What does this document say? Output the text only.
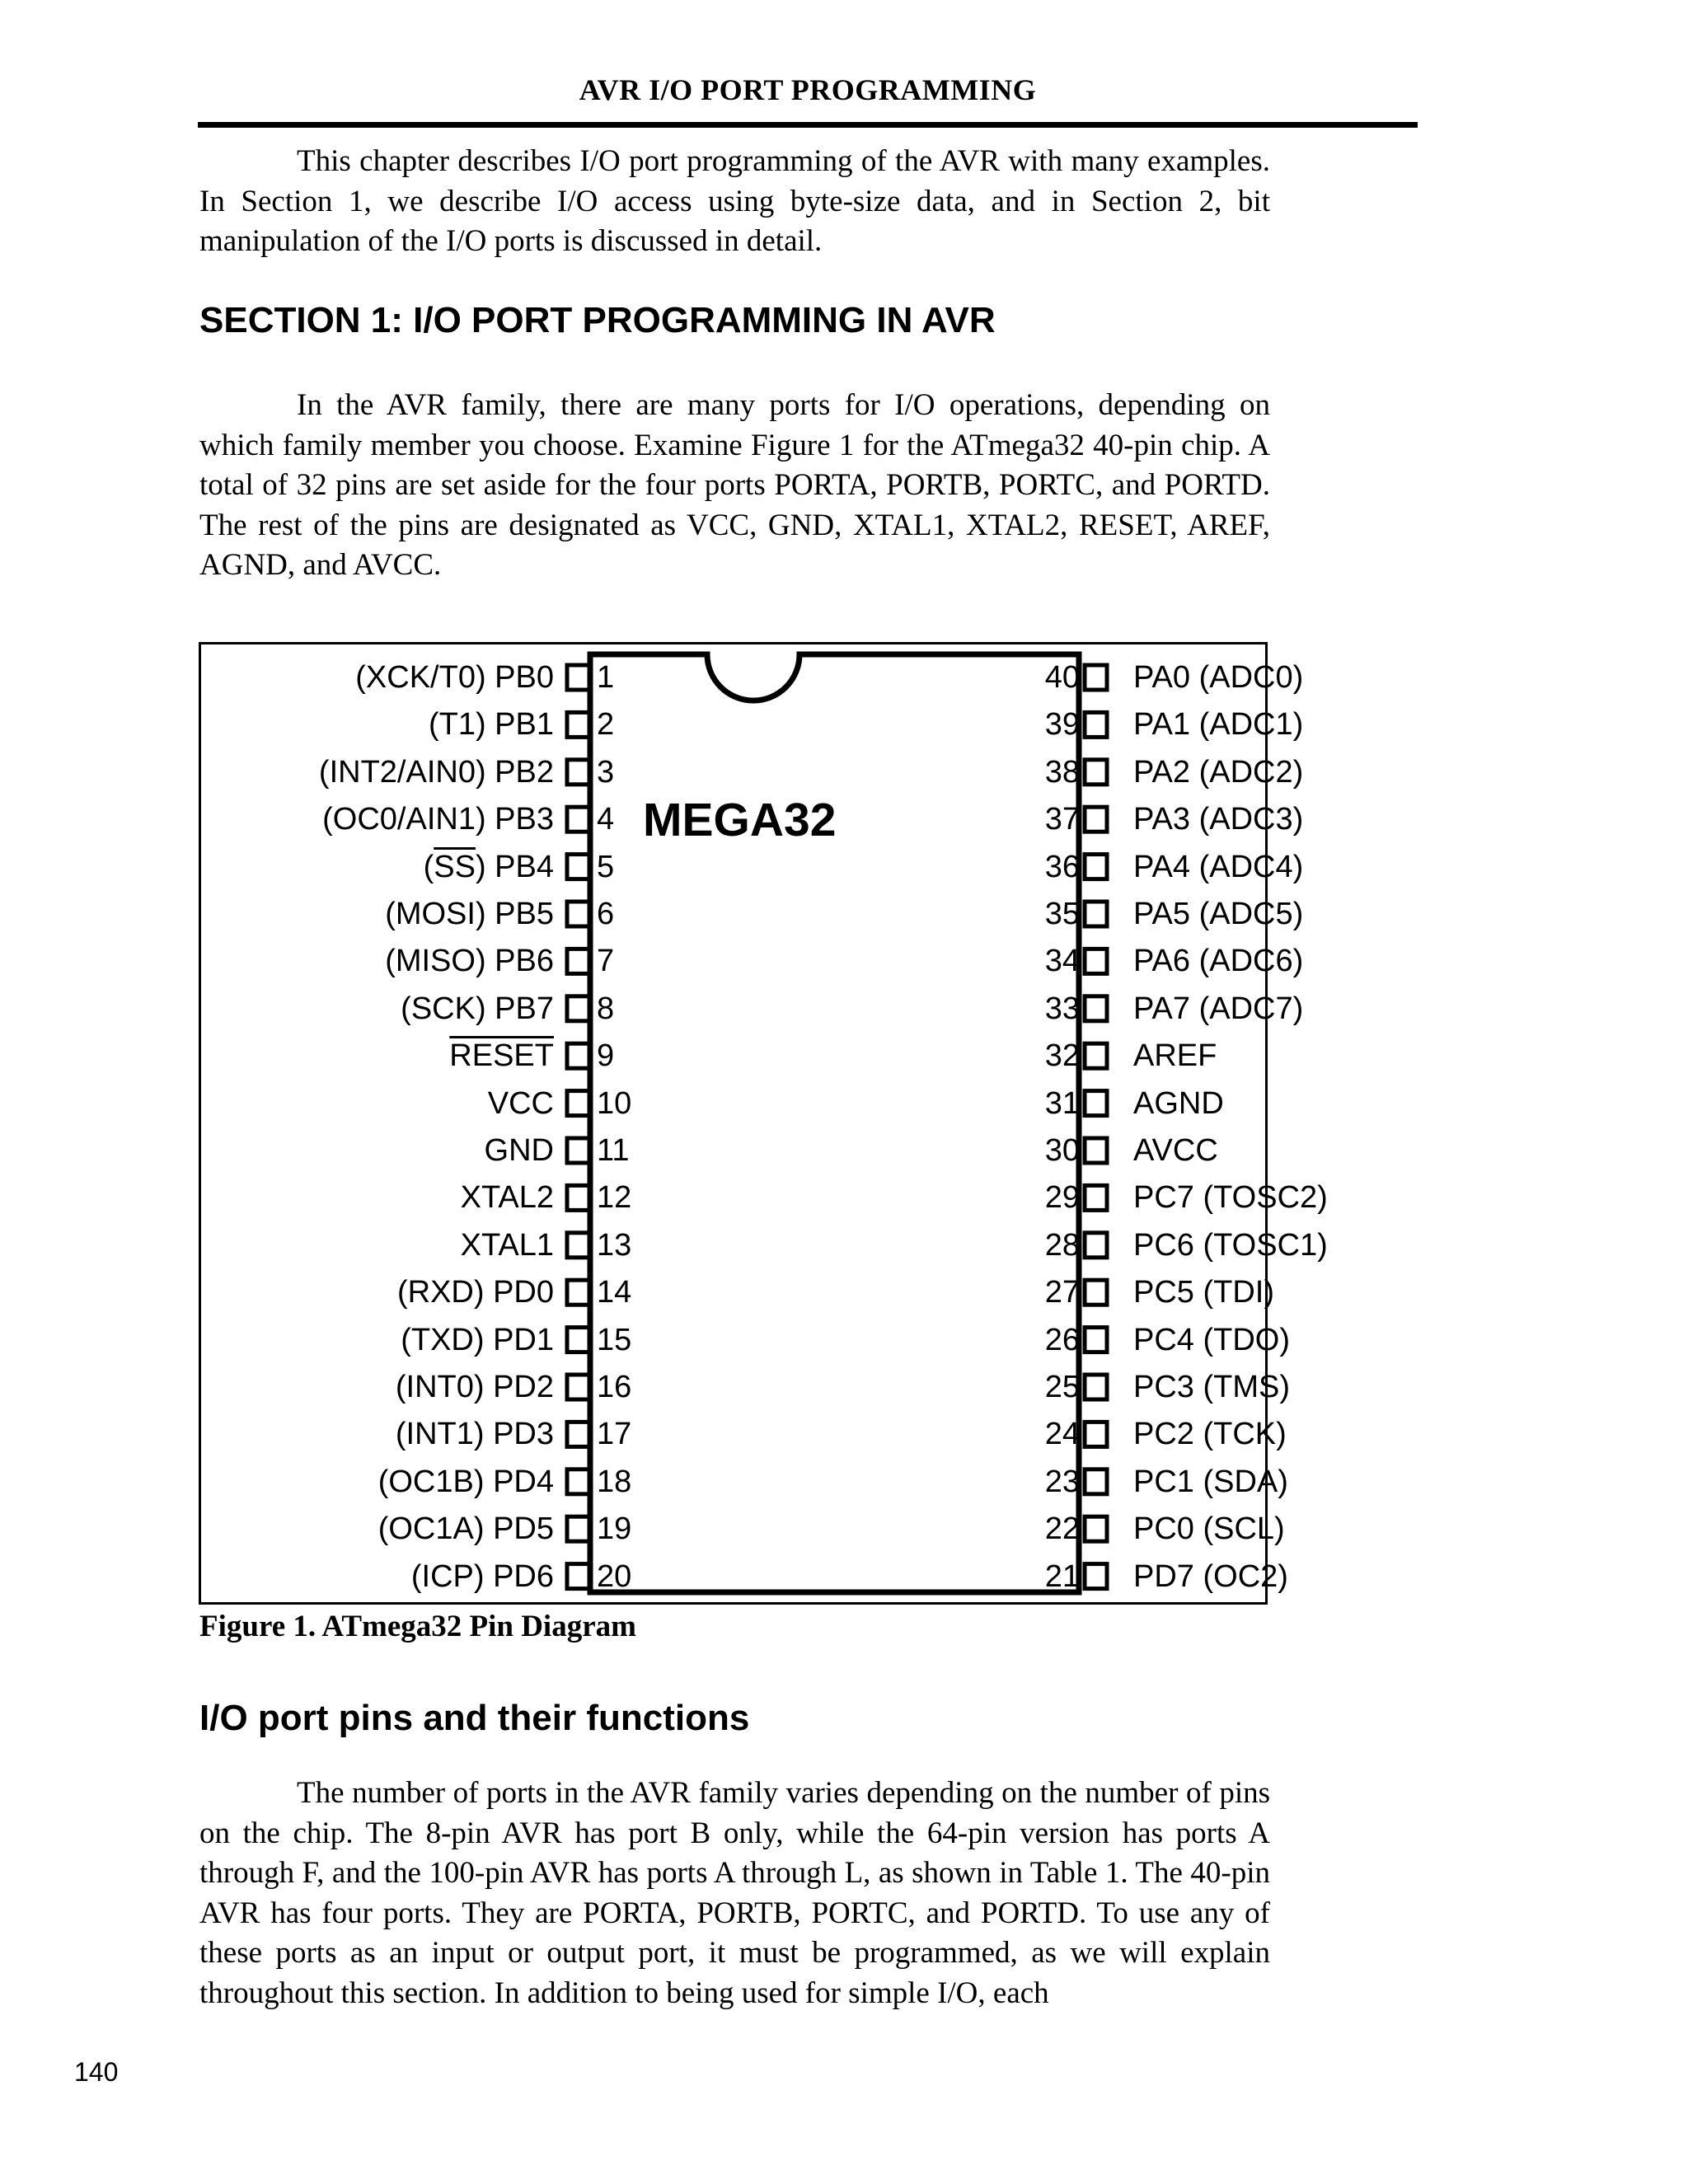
AVR I/O PORT PROGRAMMING

This chapter describes I/O port programming of the AVR with many examples. In Section 1, we describe I/O access using byte-size data, and in Section 2, bit manipulation of the I/O ports is discussed in detail.

SECTION 1: I/O PORT PROGRAMMING IN AVR

In the AVR family, there are many ports for I/O operations, depending on which family member you choose. Examine Figure 1 for the ATmega32 40-pin chip. A total of 32 pins are set aside for the four ports PORTA, PORTB, PORTC, and PORTD. The rest of the pins are designated as VCC, GND, XTAL1, XTAL2, RESET, AREF, AGND, and AVCC.

MEGA32
(XCK/T0) PB0 1
(T1) PB1 2
(INT2/AIN0) PB2 3
(OC0/AIN1) PB3 4
$(\overline{SS})$ PB4 5
(MOSI) PB5 6
(MISO) PB6 7
(SCK) PB7 8
RESET 9
VCC 10
GND 11
XTAL2 12
XTAL1 13
(RXD) PD0 14
(TXD) PD1 15
(INT0) PD2 16
(INT1) PD3 17
(OC1B) PD4 18
(OC1A) PD5 19
(ICP) PD6 20
40 PA0 (ADC0)
39 PA1 (ADC1)
38 PA2 (ADC2)
37 PA3 (ADC3)
36 PA4 (ADC4)
35 PA5 (ADC5)
34 PA6 (ADC6)
33 PA7 (ADC7)
32 AREF
31 AGND
30 AVCC
29 PC7 (TOSC2)
28 PC6 (TOSC1)
27 PC5 (TDI)
26 PC4 (TDO)
25 PC3 (TMS)
24 PC2 (TCK)
23 PC1 (SDA)
22 PC0 (SCL)
21 PD7 (OC2)
Figure 1. ATmega32 Pin Diagram
I/O port pins and their functions

The number of ports in the AVR family varies depending on the number of pins on the chip. The 8-pin AVR has port B only, while the 64-pin version has ports A through F, and the 100-pin AVR has ports A through L, as shown in Table 1. The 40-pin AVR has four ports. They are PORTA, PORTB, PORTC, and PORTD. To use any of these ports as an input or output port, it must be programmed, as we will explain throughout this section. In addition to being used for simple I/O, each

140
